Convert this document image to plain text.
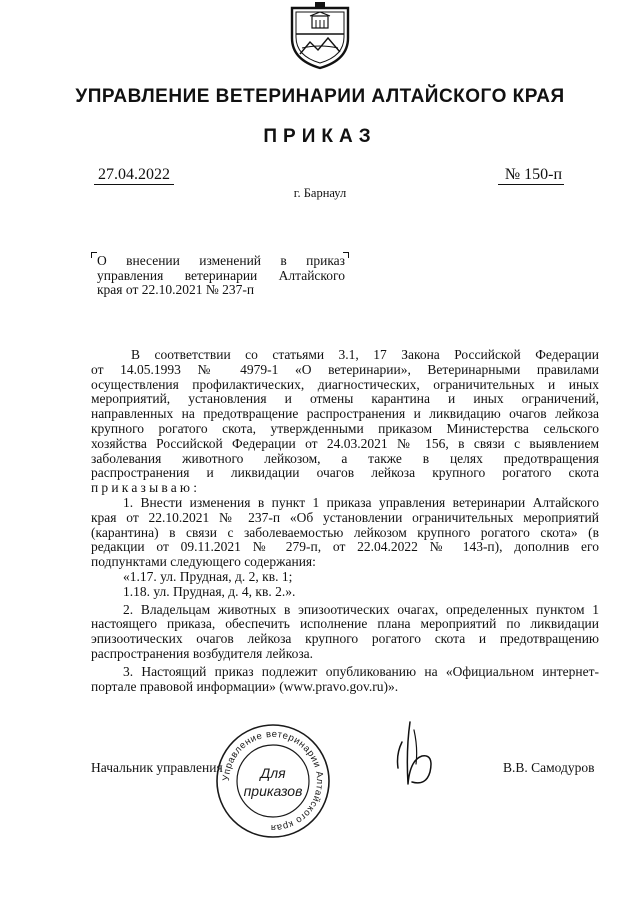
УПРАВЛЕНИЕ ВЕТЕРИНАРИИ АЛТАЙСКОГО КРАЯ
ПРИКАЗ
27.04.2022	№ 150-п
г. Барнаул
О внесении изменений в приказ
управления ветеринарии Алтайского
края от 22.10.2021 № 237-п
В соответствии со статьями 3.1, 17 Закона Российской Федерации
от 14.05.1993 № 4979-1 «О ветеринарии», Ветеринарными правилами
осуществления профилактических, диагностических, ограничительных и иных
мероприятий, установления и отмены карантина и иных ограничений,
направленных на предотвращение распространения и ликвидацию очагов лейкоза
крупного рогатого скота, утвержденными приказом Министерства сельского
хозяйства Российской Федерации от 24.03.2021 № 156, в связи с выявлением
заболевания животного лейкозом, а также в целях предотвращения
распространения и ликвидации очагов лейкоза крупного рогатого скота
приказываю:
1. Внести изменения в пункт 1 приказа управления ветеринарии Алтайского
края от 22.10.2021 № 237-п «Об установлении ограничительных мероприятий
(карантина) в связи с заболеваемостью лейкозом крупного рогатого скота» (в
редакции от 09.11.2021 № 279-п, от 22.04.2022 № 143-п), дополнив его
подпунктами следующего содержания:
«1.17. ул. Прудная, д. 2, кв. 1;
1.18. ул. Прудная, д. 4, кв. 2.».
2. Владельцам животных в эпизоотических очагах, определенных пунктом 1
настоящего приказа, обеспечить исполнение плана мероприятий по ликвидации
эпизоотических очагов лейкоза крупного рогатого скота и предотвращению
распространения возбудителя лейкоза.
3. Настоящий приказ подлежит опубликованию на «Официальном интернет-
портале правовой информации» (www.pravo.gov.ru)».
Начальник управления	В.В. Самодуров
Управление ветеринарии Алтайского края
Для
приказов
